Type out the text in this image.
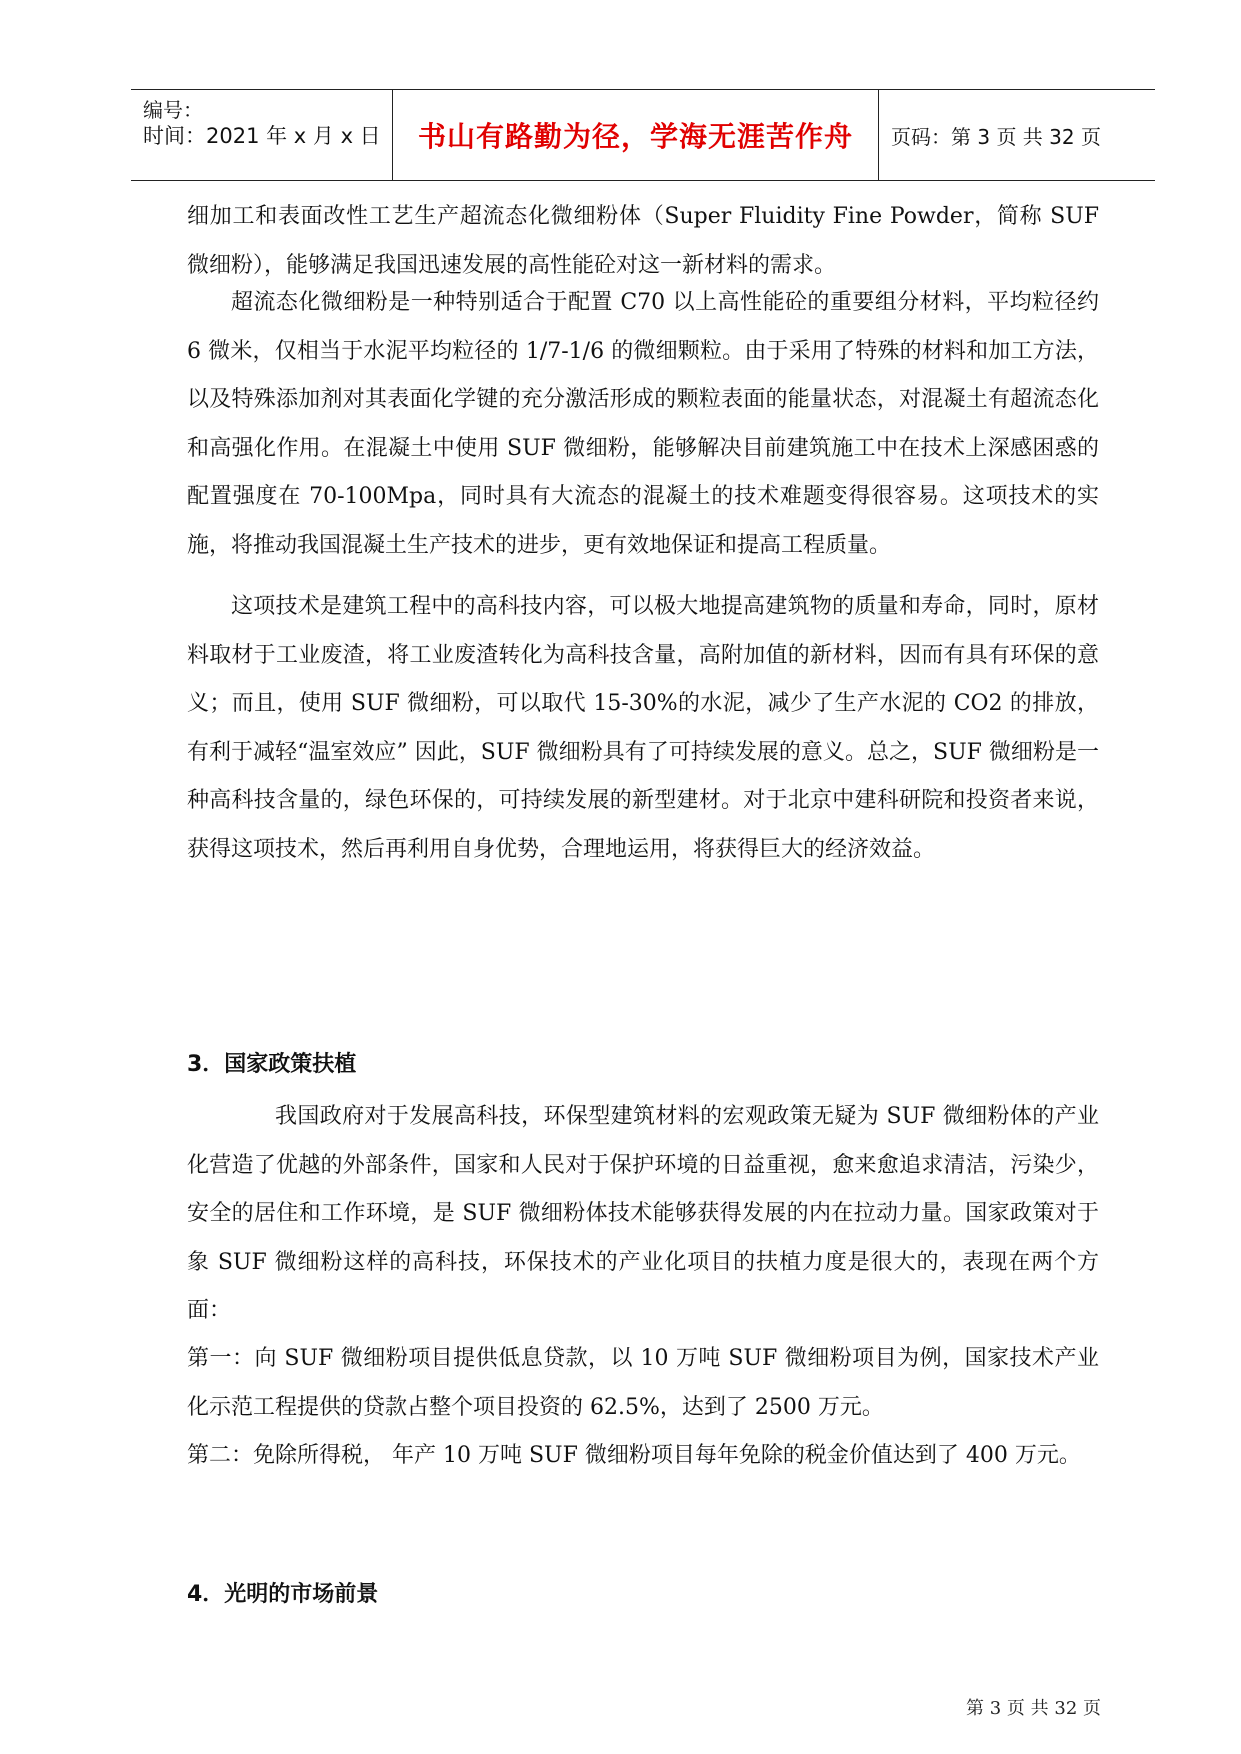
编号：
时间：2021 年 x 月 x 日 书山有路勤为径，学海无涯苦作舟 页码：第 3 页 共 32 页

细加工和表面改性工艺生产超流态化微细粉体（Super Fluidity Fine Powder，简称 SUF 微细粉），能够满足我国迅速发展的高性能砼对这一新材料的需求。

超流态化微细粉是一种特别适合于配置 C70 以上高性能砼的重要组分材料，平均粒径约 6 微米，仅相当于水泥平均粒径的 1/7-1/6 的微细颗粒。由于采用了特殊的材料和加工方法，以及特殊添加剂对其表面化学键的充分激活形成的颗粒表面的能量状态，对混凝土有超流态化和高强化作用。在混凝土中使用 SUF 微细粉，能够解决目前建筑施工中在技术上深感困惑的配置强度在 70-100Mpa，同时具有大流态的混凝土的技术难题变得很容易。这项技术的实施，将推动我国混凝土生产技术的进步，更有效地保证和提高工程质量。

这项技术是建筑工程中的高科技内容，可以极大地提高建筑物的质量和寿命，同时，原材料取材于工业废渣，将工业废渣转化为高科技含量，高附加值的新材料，因而有具有环保的意义；而且，使用 SUF 微细粉，可以取代 15-30%的水泥，减少了生产水泥的 CO2 的排放，有利于减轻“温室效应” 因此，SUF 微细粉具有了可持续发展的意义。总之，SUF 微细粉是一种高科技含量的，绿色环保的，可持续发展的新型建材。对于北京中建科研院和投资者来说，获得这项技术，然后再利用自身优势，合理地运用，将获得巨大的经济效益。

3．国家政策扶植

我国政府对于发展高科技，环保型建筑材料的宏观政策无疑为 SUF 微细粉体的产业化营造了优越的外部条件，国家和人民对于保护环境的日益重视，愈来愈追求清洁，污染少，安全的居住和工作环境，是 SUF 微细粉体技术能够获得发展的内在拉动力量。国家政策对于象 SUF 微细粉这样的高科技，环保技术的产业化项目的扶植力度是很大的，表现在两个方面：

第一：向 SUF 微细粉项目提供低息贷款，以 10 万吨 SUF 微细粉项目为例，国家技术产业化示范工程提供的贷款占整个项目投资的 62.5%，达到了 2500 万元。

第二：免除所得税， 年产 10 万吨 SUF 微细粉项目每年免除的税金价值达到了 400 万元。

4．光明的市场前景
第 3 页 共 32 页
